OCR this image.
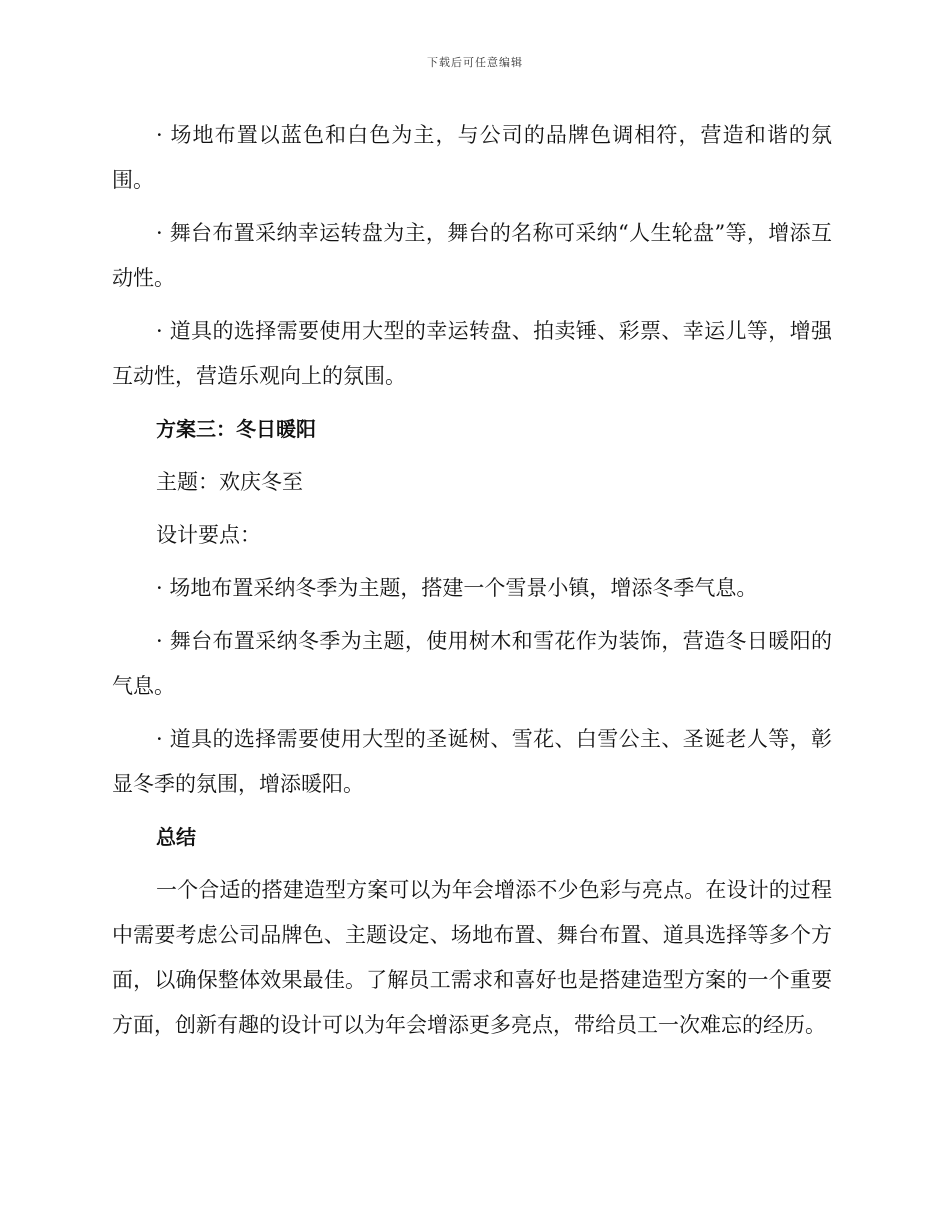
下载后可任意编辑

· 场地布置以蓝色和白色为主，与公司的品牌色调相符，营造和谐的氛围。

· 舞台布置采纳幸运转盘为主，舞台的名称可采纳“人生轮盘”等，增添互动性。

· 道具的选择需要使用大型的幸运转盘、拍卖锤、彩票、幸运儿等，增强互动性，营造乐观向上的氛围。

方案三：冬日暖阳

主题：欢庆冬至

设计要点：

· 场地布置采纳冬季为主题，搭建一个雪景小镇，增添冬季气息。

· 舞台布置采纳冬季为主题，使用树木和雪花作为装饰，营造冬日暖阳的气息。

· 道具的选择需要使用大型的圣诞树、雪花、白雪公主、圣诞老人等，彰显冬季的氛围，增添暖阳。

总结

一个合适的搭建造型方案可以为年会增添不少色彩与亮点。在设计的过程中需要考虑公司品牌色、主题设定、场地布置、舞台布置、道具选择等多个方面，以确保整体效果最佳。了解员工需求和喜好也是搭建造型方案的一个重要方面，创新有趣的设计可以为年会增添更多亮点，带给员工一次难忘的经历。
